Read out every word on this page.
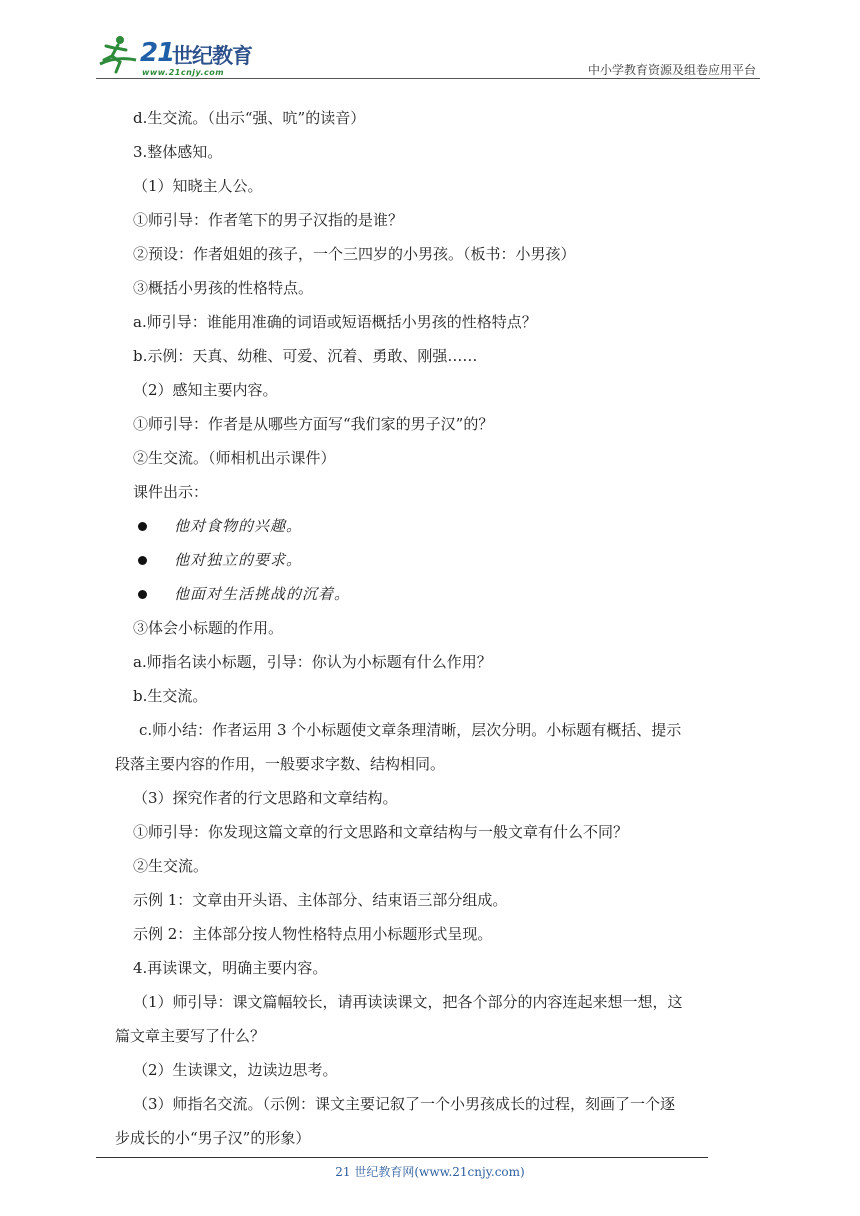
21
世纪教育
www.21cnjy.com	中小学教育资源及组卷应用平台

d.生交流。（出示“强、吭”的读音）

3.整体感知。

（1）知晓主人公。

①师引导：作者笔下的男子汉指的是谁？

②预设：作者姐姐的孩子，一个三四岁的小男孩。（板书：小男孩）

③概括小男孩的性格特点。

a.师引导：谁能用准确的词语或短语概括小男孩的性格特点？

b.示例：天真、幼稚、可爱、沉着、勇敢、刚强……

（2）感知主要内容。

①师引导：作者是从哪些方面写“我们家的男子汉”的？

②生交流。（师相机出示课件）

课件出示：

他对食物的兴趣。
他对独立的要求。
他面对生活挑战的沉着。

③体会小标题的作用。

a.师指名读小标题，引导：你认为小标题有什么作用？

b.生交流。

c.师小结：作者运用 3 个小标题使文章条理清晰，层次分明。小标题有概括、提示

段落主要内容的作用，一般要求字数、结构相同。

（3）探究作者的行文思路和文章结构。

①师引导：你发现这篇文章的行文思路和文章结构与一般文章有什么不同？

②生交流。

示例 1：文章由开头语、主体部分、结束语三部分组成。

示例 2：主体部分按人物性格特点用小标题形式呈现。

4.再读课文，明确主要内容。

（1）师引导：课文篇幅较长，请再读读课文，把各个部分的内容连起来想一想，这

篇文章主要写了什么？

（2）生读课文，边读边思考。

（3）师指名交流。（示例：课文主要记叙了一个小男孩成长的过程，刻画了一个逐

步成长的小“男子汉”的形象）

21 世纪教育网(www.21cnjy.com)
